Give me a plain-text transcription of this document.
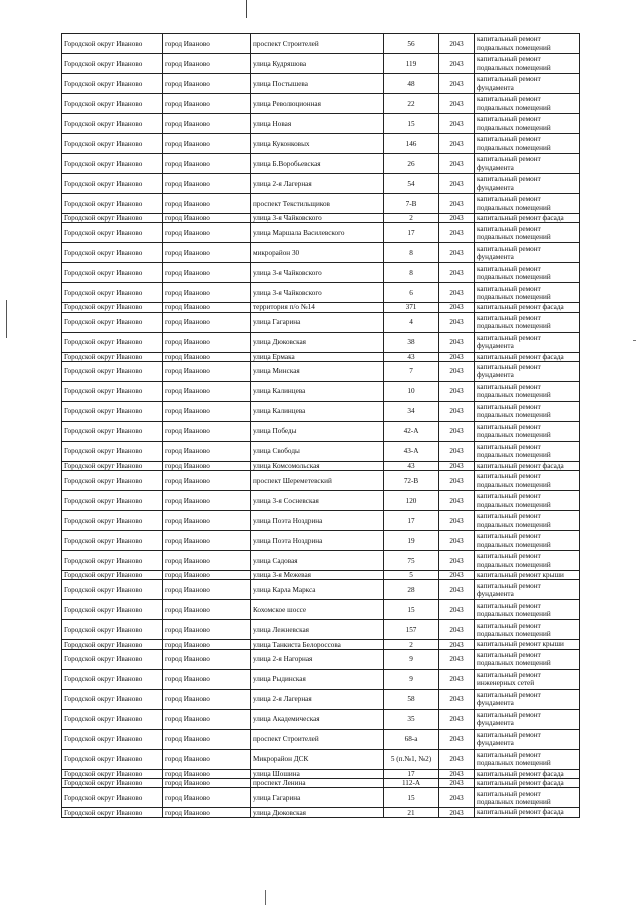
Городской округ Иваново	город Иваново	проспект Строителей	56	2043	капитальный ремонт подвальных помещений
Городской округ Иваново	город Иваново	улица Кудряшова	119	2043	капитальный ремонт подвальных помещений
Городской округ Иваново	город Иваново	улица Постышева	48	2043	капитальный ремонт фундамента
Городской округ Иваново	город Иваново	улица Революционная	22	2043	капитальный ремонт подвальных помещений
Городской округ Иваново	город Иваново	улица Новая	15	2043	капитальный ремонт подвальных помещений
Городской округ Иваново	город Иваново	улица Куконковых	146	2043	капитальный ремонт подвальных помещений
Городской округ Иваново	город Иваново	улица Б.Воробьевская	26	2043	капитальный ремонт фундамента
Городской округ Иваново	город Иваново	улица 2-я Лагерная	54	2043	капитальный ремонт фундамента
Городской округ Иваново	город Иваново	проспект Текстильщиков	7-В	2043	капитальный ремонт подвальных помещений
Городской округ Иваново	город Иваново	улица 3-я Чайковского	2	2043	капитальный ремонт фасада
Городской округ Иваново	город Иваново	улица Маршала Василевского	17	2043	капитальный ремонт подвальных помещений
Городской округ Иваново	город Иваново	микрорайон 30	8	2043	капитальный ремонт фундамента
Городской округ Иваново	город Иваново	улица 3-я Чайковского	8	2043	капитальный ремонт подвальных помещений
Городской округ Иваново	город Иваново	улица 3-я Чайковского	6	2043	капитальный ремонт подвальных помещений
Городской округ Иваново	город Иваново	территория п/о №14	371	2043	капитальный ремонт фасада
Городской округ Иваново	город Иваново	улица Гагарина	4	2043	капитальный ремонт подвальных помещений
Городской округ Иваново	город Иваново	улица Дюковская	38	2043	капитальный ремонт фундамента
Городской округ Иваново	город Иваново	улица Ермака	43	2043	капитальный ремонт фасада
Городской округ Иваново	город Иваново	улица Минская	7	2043	капитальный ремонт фундамента
Городской округ Иваново	город Иваново	улица Калинцева	10	2043	капитальный ремонт подвальных помещений
Городской округ Иваново	город Иваново	улица Калинцева	34	2043	капитальный ремонт подвальных помещений
Городской округ Иваново	город Иваново	улица Победы	42-А	2043	капитальный ремонт подвальных помещений
Городской округ Иваново	город Иваново	улица Свободы	43-А	2043	капитальный ремонт подвальных помещений
Городской округ Иваново	город Иваново	улица Комсомольская	43	2043	капитальный ремонт фасада
Городской округ Иваново	город Иваново	проспект Шереметевский	72-В	2043	капитальный ремонт подвальных помещений
Городской округ Иваново	город Иваново	улица 3-я Сосневская	120	2043	капитальный ремонт подвальных помещений
Городской округ Иваново	город Иваново	улица Поэта Ноздрина	17	2043	капитальный ремонт подвальных помещений
Городской округ Иваново	город Иваново	улица Поэта Ноздрина	19	2043	капитальный ремонт подвальных помещений
Городской округ Иваново	город Иваново	улица Садовая	75	2043	капитальный ремонт подвальных помещений
Городской округ Иваново	город Иваново	улица 3-я Межевая	5	2043	капитальный ремонт крыши
Городской округ Иваново	город Иваново	улица Карла Маркса	28	2043	капитальный ремонт фундамента
Городской округ Иваново	город Иваново	Кохомское шоссе	15	2043	капитальный ремонт подвальных помещений
Городской округ Иваново	город Иваново	улица Лежневская	157	2043	капитальный ремонт подвальных помещений
Городской округ Иваново	город Иваново	улица Танкиста Белороссова	2	2043	капитальный ремонт крыши
Городской округ Иваново	город Иваново	улица 2-я Нагорная	9	2043	капитальный ремонт подвальных помещений
Городской округ Иваново	город Иваново	улица Рыдинская	9	2043	капитальный ремонт инженерных сетей
Городской округ Иваново	город Иваново	улица 2-я Лагерная	58	2043	капитальный ремонт фундамента
Городской округ Иваново	город Иваново	улица Академическая	35	2043	капитальный ремонт фундамента
Городской округ Иваново	город Иваново	проспект Строителей	68-а	2043	капитальный ремонт фундамента
Городской округ Иваново	город Иваново	Микрорайон ДСК	5 (п.№1, №2)	2043	капитальный ремонт подвальных помещений
Городской округ Иваново	город Иваново	улица Шошина	17	2043	капитальный ремонт фасада
Городской округ Иваново	город Иваново	проспект Ленина	112-А	2043	капитальный ремонт фасада
Городской округ Иваново	город Иваново	улица Гагарина	15	2043	капитальный ремонт подвальных помещений
Городской округ Иваново	город Иваново	улица Дюковская	21	2043	капитальный ремонт фасада
